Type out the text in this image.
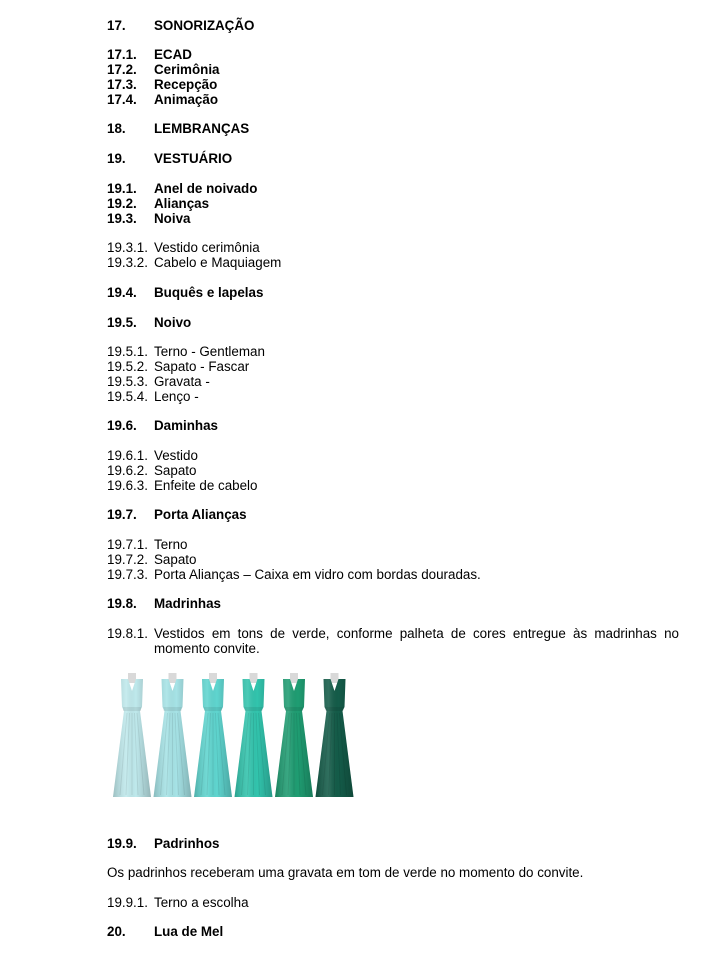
17.	SONORIZAÇÃO
17.1.	ECAD
17.2.	Cerimônia
17.3.	Recepção
17.4.	Animação
18.	LEMBRANÇAS
19.	VESTUÁRIO
19.1.	Anel de noivado
19.2.	Alianças
19.3.	Noiva
19.3.1. Vestido cerimônia
19.3.2. Cabelo e Maquiagem
19.4.	Buquês e lapelas
19.5.	Noivo
19.5.1. Terno - Gentleman
19.5.2. Sapato - Fascar
19.5.3. Gravata -
19.5.4. Lenço -
19.6.	Daminhas
19.6.1. Vestido
19.6.2. Sapato
19.6.3. Enfeite de cabelo
19.7.	Porta Alianças
19.7.1. Terno
19.7.2. Sapato
19.7.3. Porta Alianças – Caixa em vidro com bordas douradas.
19.8.	Madrinhas
19.8.1. Vestidos em tons de verde, conforme palheta de cores entregue às madrinhas no momento convite.
19.9.	Padrinhos
Os padrinhos receberam uma gravata em tom de verde no momento do convite.
19.9.1. Terno a escolha
20.	Lua de Mel
